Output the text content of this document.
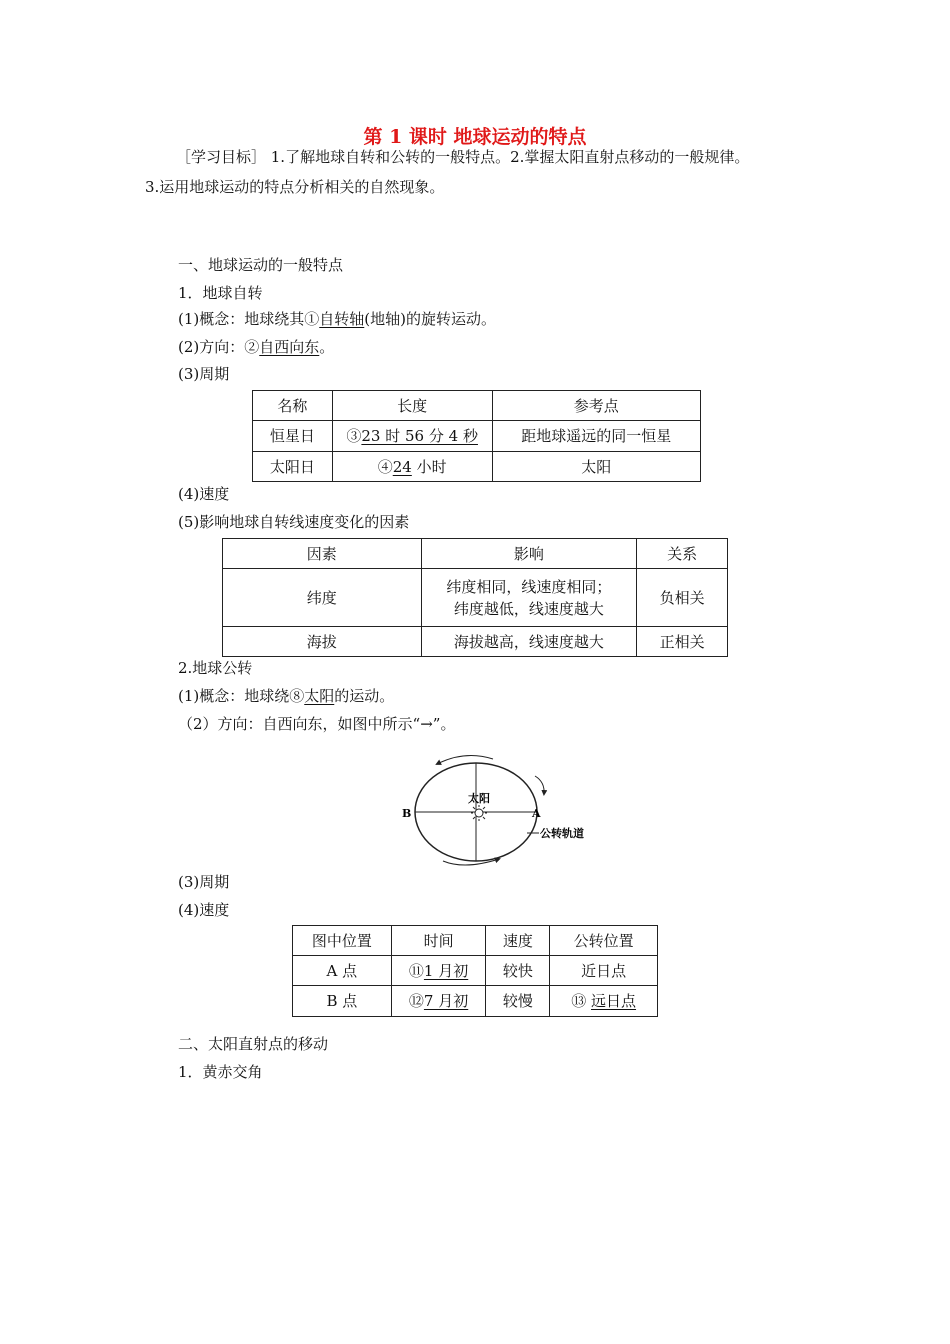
第 1 课时 地球运动的特点
［学习目标］ 1.了解地球自转和公转的一般特点。2.掌握太阳直射点移动的一般规律。
3.运用地球运动的特点分析相关的自然现象。
一、地球运动的一般特点
1．地球自转
(1)概念：地球绕其①自转轴(地轴)的旋转运动。
(2)方向：②自西向东。
(3)周期
名称	长度	参考点
恒星日	③23 时 56 分 4 秒	距地球遥远的同一恒星
太阳日	④24 小时	太阳
(4)速度
(5)影响地球自转线速度变化的因素
因素	影响	关系
纬度	纬度相同，线速度相同；
纬度越低，线速度越大	负相关
海拔	海拔越高，线速度越大	正相关
2.地球公转
(1)概念：地球绕⑧太阳的运动。
（2）方向：自西向东，如图中所示“→”。
太阳
A
B
公转轨道
(3)周期
(4)速度
图中位置	时间	速度	公转位置
A 点	⑪1 月初	较快	近日点
B 点	⑫7 月初	较慢	⑬ 远日点
二、太阳直射点的移动
1．黄赤交角
